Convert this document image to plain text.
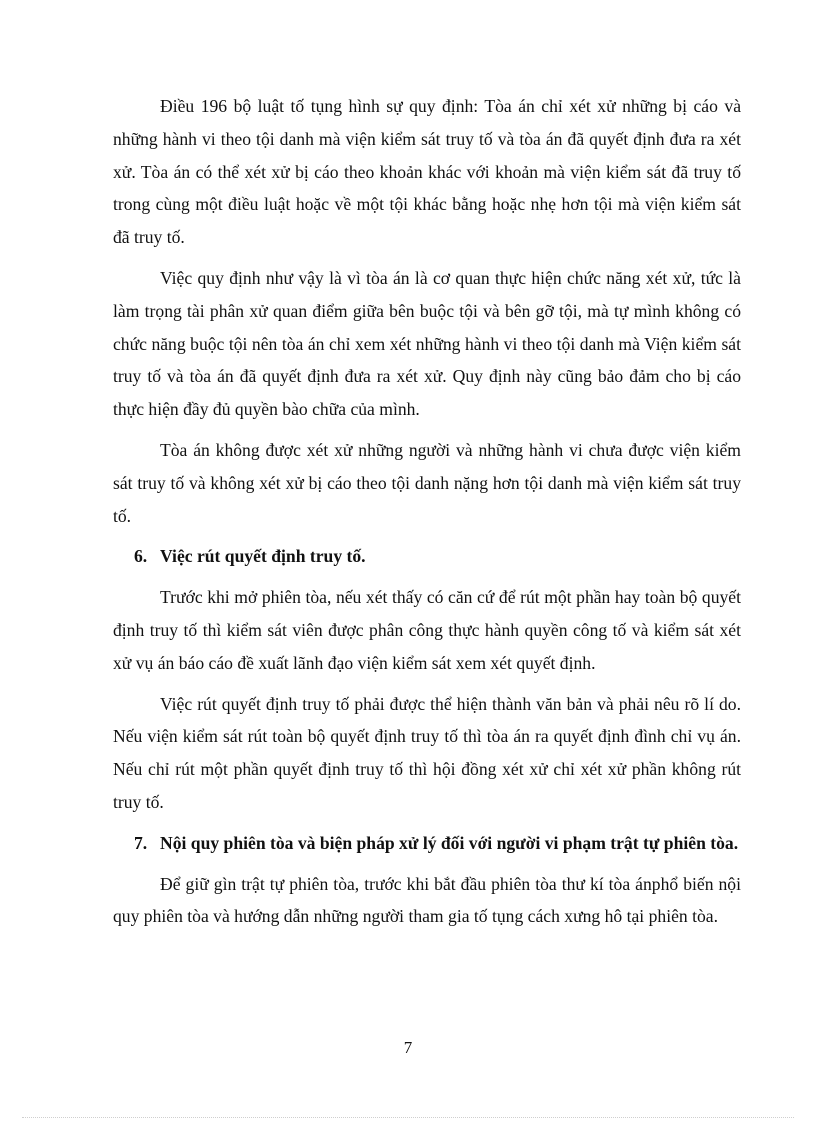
Điều 196 bộ luật tố tụng hình sự quy định: Tòa án chỉ xét xử những bị cáo và những hành vi theo tội danh mà viện kiểm sát truy tố và tòa án đã quyết định đưa ra xét xử. Tòa án có thể xét xử bị cáo theo khoản khác với khoản mà viện kiểm sát đã truy tố trong cùng một điều luật hoặc về một tội khác bằng hoặc nhẹ hơn tội mà viện kiểm sát đã truy tố.

Việc quy định như vậy là vì tòa án là cơ quan thực hiện chức năng xét xử, tức là làm trọng tài phân xử quan điểm giữa bên buộc tội và bên gỡ tội, mà tự mình không có chức năng buộc tội nên tòa án chỉ xem xét những hành vi theo tội danh mà Viện kiểm sát truy tố và tòa án đã quyết định đưa ra xét xử. Quy định này cũng bảo đảm cho bị cáo thực hiện đầy đủ quyền bào chữa của mình.

Tòa án không được xét xử những người và những hành vi chưa được viện kiểm sát truy tố và không xét xử bị cáo theo tội danh nặng hơn tội danh mà viện kiểm sát truy tố.

6. Việc rút quyết định truy tố.

Trước khi mở phiên tòa, nếu xét thấy có căn cứ để rút một phần hay toàn bộ quyết định truy tố thì kiểm sát viên được phân công thực hành quyền công tố và kiểm sát xét xử vụ án báo cáo đề xuất lãnh đạo viện kiểm sát xem xét quyết định.

Việc rút quyết định truy tố phải được thể hiện thành văn bản và phải nêu rõ lí do. Nếu viện kiểm sát rút toàn bộ quyết định truy tố thì tòa án ra quyết định đình chỉ vụ án. Nếu chỉ rút một phần quyết định truy tố thì hội đồng xét xử chỉ xét xử phần không rút truy tố.

7. Nội quy phiên tòa và biện pháp xử lý đối với người vi phạm trật tự phiên tòa.

Để giữ gìn trật tự phiên tòa, trước khi bắt đầu phiên tòa thư kí tòa ánphổ biến nội quy phiên tòa và hướng dẫn những người tham gia tố tụng cách xưng hô tại phiên tòa.

7
